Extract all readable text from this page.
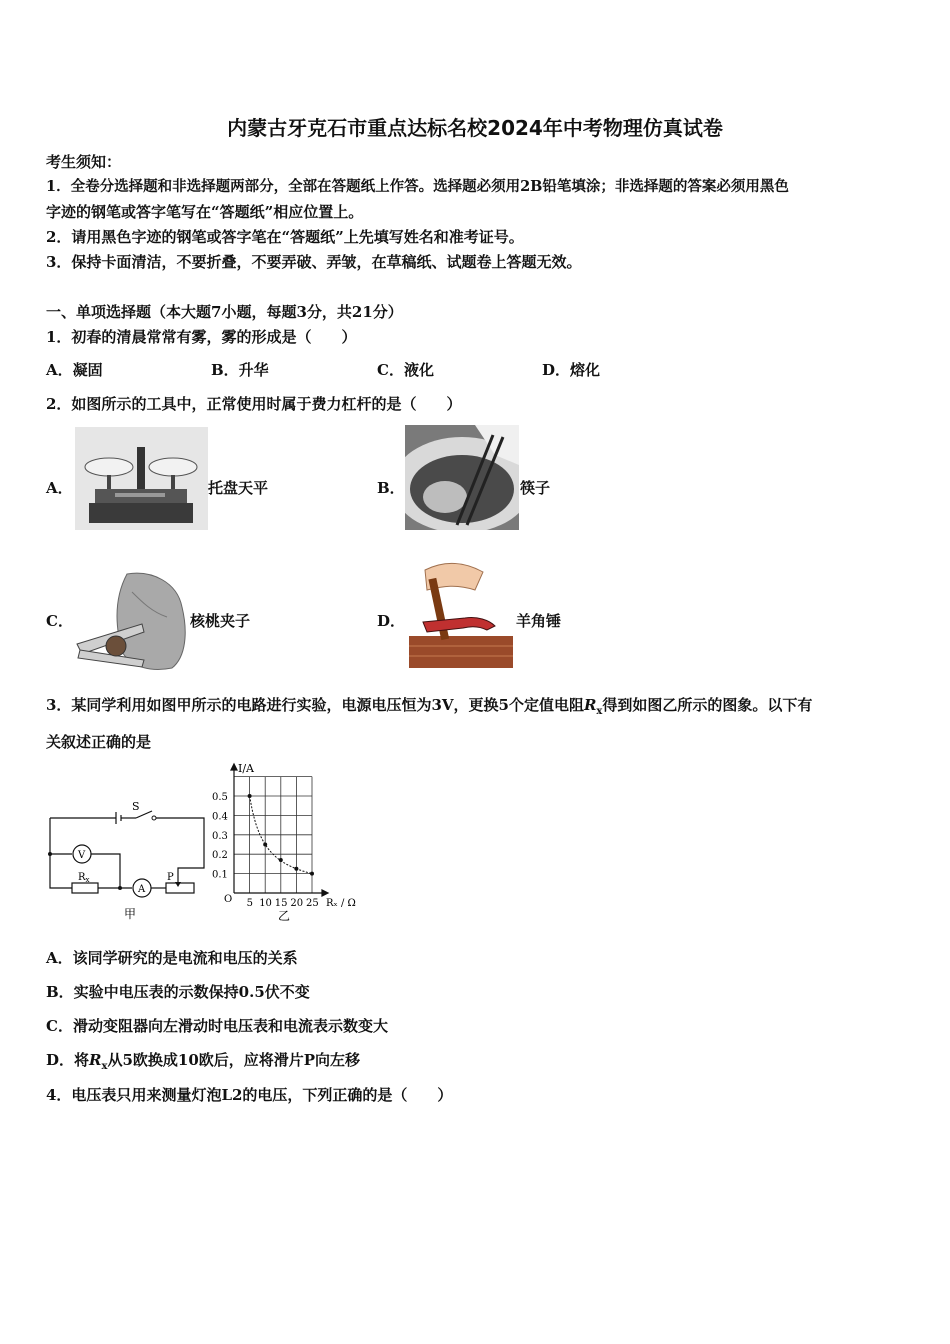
内蒙古牙克石市重点达标名校2024年中考物理仿真试卷
考生须知：
1．全卷分选择题和非选择题两部分，全部在答题纸上作答。选择题必须用2B铅笔填涂；非选择题的答案必须用黑色
字迹的钢笔或答字笔写在“答题纸”相应位置上。
2．请用黑色字迹的钢笔或答字笔在“答题纸”上先填写姓名和准考证号。
3．保持卡面清洁，不要折叠，不要弄破、弄皱，在草稿纸、试题卷上答题无效。
一、单项选择题（本大题7小题，每题3分，共21分）
1．初春的清晨常常有雾，雾的形成是（　　）
A．凝固	B．升华	C．液化	D．熔化
2．如图所示的工具中，正常使用时属于费力杠杆的是（　　）
A．	托盘天平	B．	筷子
C．	核桃夹子	D．	羊角锤
3．某同学利用如图甲所示的电路进行实验，电源电压恒为3V，更换5个定值电阻$R_x$得到如图乙所示的图象。以下有
关叙述正确的是
S
V
A
P
$R_x$
甲
0.5
0.4
0.3
0.2
0.1
5 10 15 20 25
I/A
Rₓ / Ω
O
乙
A．该同学研究的是电流和电压的关系
B．实验中电压表的示数保持0.5伏不变
C．滑动变阻器向左滑动时电压表和电流表示数变大
D．将$R_x$从5欧换成10欧后，应将滑片P向左移
4．电压表只用来测量灯泡L2的电压，下列正确的是（　　）
